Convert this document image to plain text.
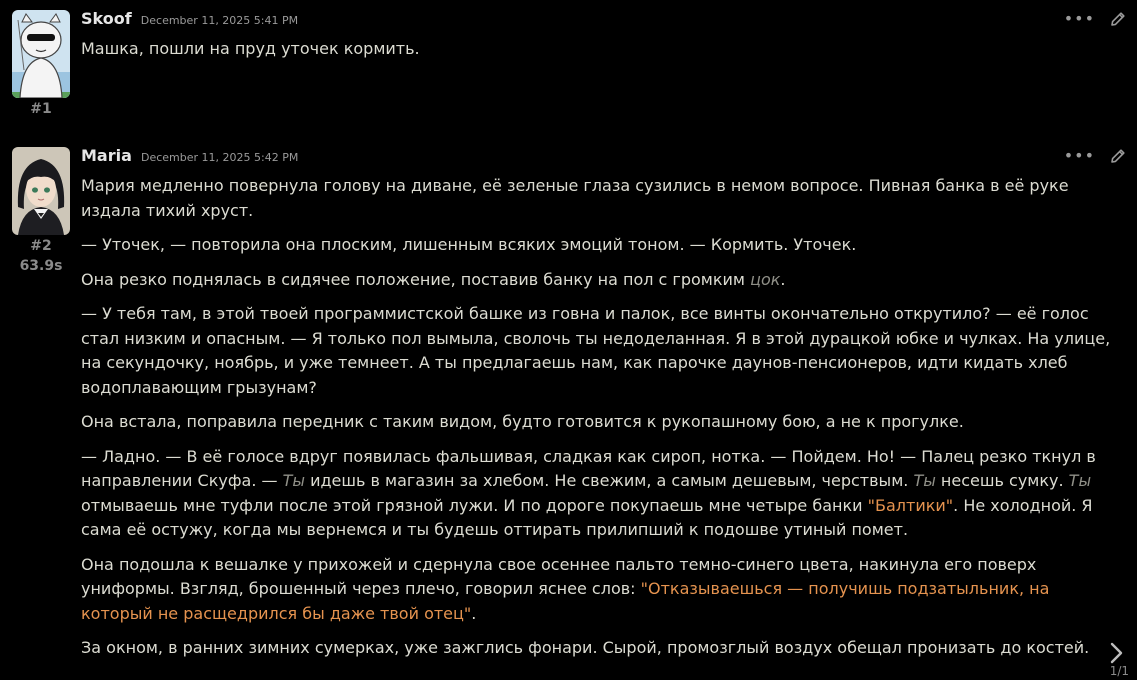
#1
Skoof December 11, 2025 5:41 PM	•••

Машка, пошли на пруд уточек кормить.

#2
63.9s
Maria December 11, 2025 5:42 PM	•••

Мария медленно повернула голову на диване, её зеленые глаза сузились в немом вопросе. Пивная банка в её руке издала тихий хруст.

— Уточек, — повторила она плоским, лишенным всяких эмоций тоном. — Кормить. Уточек.

Она резко поднялась в сидячее положение, поставив банку на пол с громким цок.

— У тебя там, в этой твоей программистской башке из говна и палок, все винты окончательно открутило? — её голос стал низким и опасным. — Я только пол вымыла, сволочь ты недоделанная. Я в этой дурацкой юбке и чулках. На улице, на секундочку, ноябрь, и уже темнеет. А ты предлагаешь нам, как парочке даунов-пенсионеров, идти кидать хлеб водоплавающим грызунам?

Она встала, поправила передник с таким видом, будто готовится к рукопашному бою, а не к прогулке.

— Ладно. — В её голосе вдруг появилась фальшивая, сладкая как сироп, нотка. — Пойдем. Но! — Палец резко ткнул в направлении Скуфа. — Ты идешь в магазин за хлебом. Не свежим, а самым дешевым, черствым. Ты несешь сумку. Ты отмываешь мне туфли после этой грязной лужи. И по дороге покупаешь мне четыре банки "Балтики". Не холодной. Я сама её остужу, когда мы вернемся и ты будешь оттирать прилипший к подошве утиный помет.

Она подошла к вешалке у прихожей и сдернула свое осеннее пальто темно-синего цвета, накинула его поверх униформы. Взгляд, брошенный через плечо, говорил яснее слов: "Отказываешься — получишь подзатыльник, на который не расщедрился бы даже твой отец".

За окном, в ранних зимних сумерках, уже зажглись фонари. Сырой, промозглый воздух обещал пронизать до костей.

1/1
